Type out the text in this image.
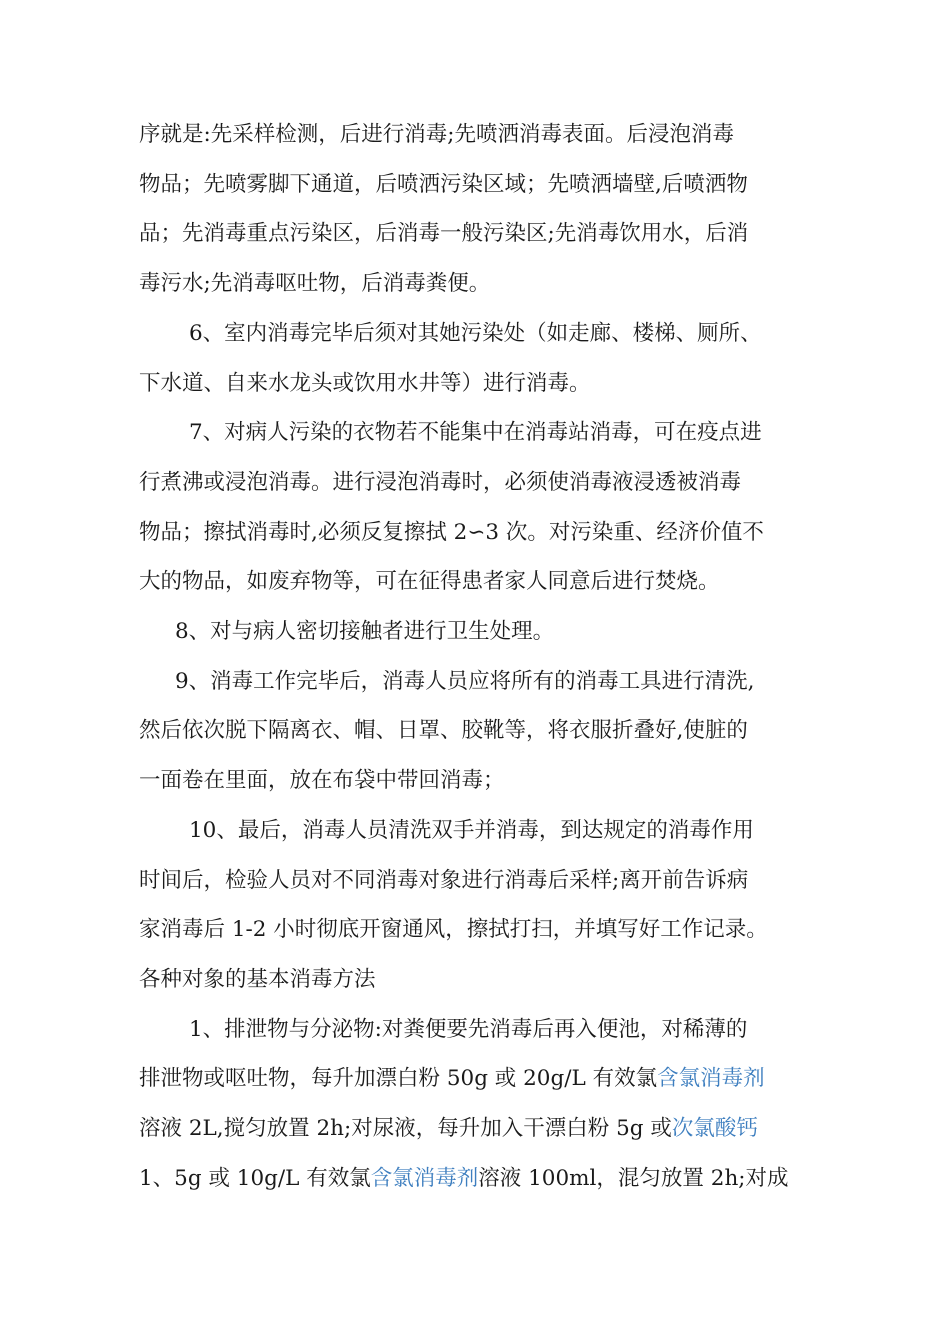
序就是:先采样检测，后进行消毒;先喷洒消毒表面。后浸泡消毒
物品；先喷雾脚下通道，后喷洒污染区域；先喷洒墙壁,后喷洒物
品；先消毒重点污染区，后消毒一般污染区;先消毒饮用水，后消
毒污水;先消毒呕吐物，后消毒粪便。

6、室内消毒完毕后须对其她污染处（如走廊、楼梯、厕所、
下水道、自来水龙头或饮用水井等）进行消毒。

7、对病人污染的衣物若不能集中在消毒站消毒，可在疫点进
行煮沸或浸泡消毒。进行浸泡消毒时，必须使消毒液浸透被消毒
物品；擦拭消毒时,必须反复擦拭 2∽3 次。对污染重、经济价值不
大的物品，如废弃物等，可在征得患者家人同意后进行焚烧。

8、对与病人密切接触者进行卫生处理。

9、消毒工作完毕后，消毒人员应将所有的消毒工具进行清洗,
然后依次脱下隔离衣、帽、日罩、胶靴等，将衣服折叠好,使脏的
一面卷在里面，放在布袋中带回消毒；

10、最后，消毒人员清洗双手并消毒，到达规定的消毒作用
时间后，检验人员对不同消毒对象进行消毒后采样;离开前告诉病
家消毒后 1-2 小时彻底开窗通风，擦拭打扫，并填写好工作记录。

各种对象的基本消毒方法

1、排泄物与分泌物:对粪便要先消毒后再入便池，对稀薄的
排泄物或呕吐物，每升加漂白粉 50g 或 20g/L 有效氯含氯消毒剂
溶液 2L,搅匀放置 2h;对尿液，每升加入干漂白粉 5g 或次氯酸钙
1、5g 或 10g/L 有效氯含氯消毒剂溶液 100ml，混匀放置 2h;对成
